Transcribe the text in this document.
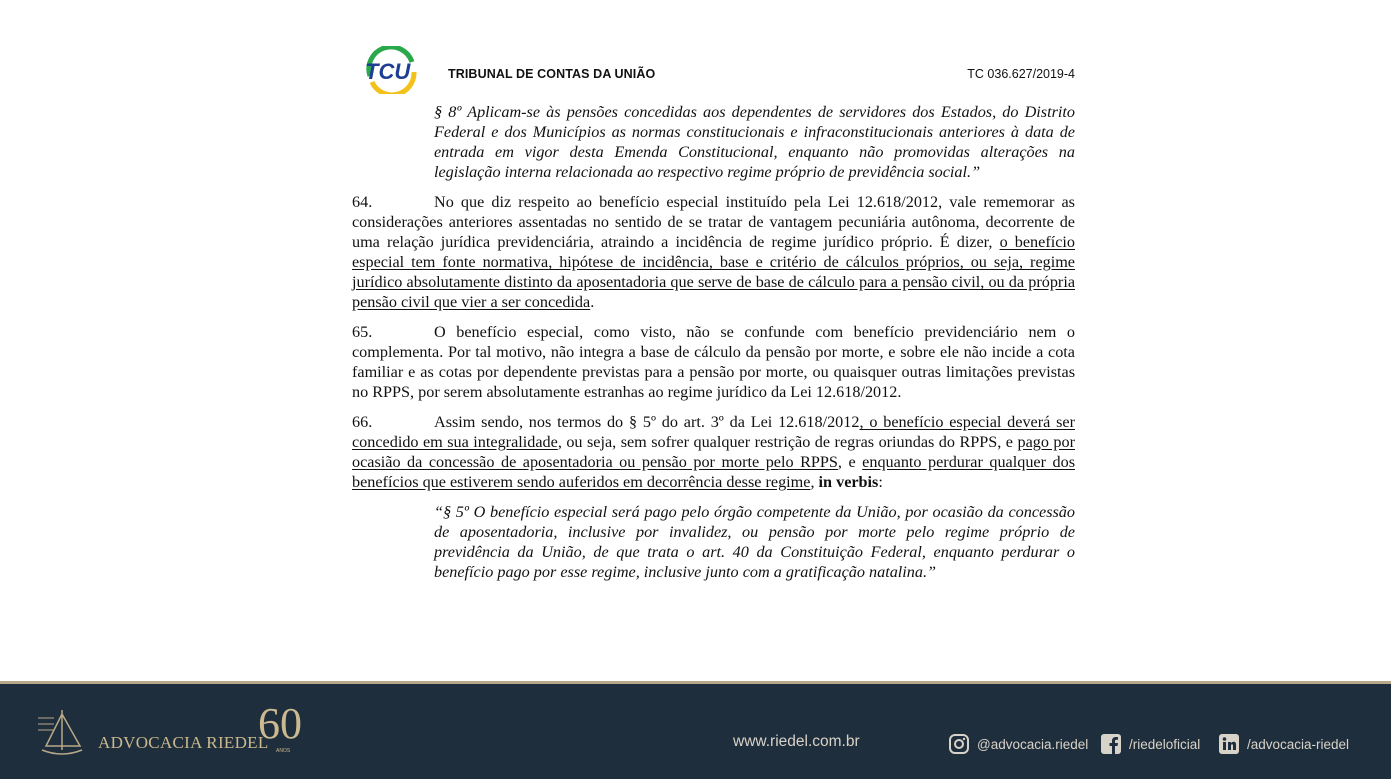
TCU	TRIBUNAL DE CONTAS DA UNIÃO	TC 036.627/2019-4

§ 8º Aplicam-se às pensões concedidas aos dependentes de servidores dos Estados, do Distrito Federal e dos Municípios as normas constitucionais e infraconstitucionais anteriores à data de entrada em vigor desta Emenda Constitucional, enquanto não promovidas alterações na legislação interna relacionada ao respectivo regime próprio de previdência social.”

64.	No que diz respeito ao benefício especial instituído pela Lei 12.618/2012, vale rememorar as considerações anteriores assentadas no sentido de se tratar de vantagem pecuniária autônoma, decorrente de uma relação jurídica previdenciária, atraindo a incidência de regime jurídico próprio. É dizer, o benefício especial tem fonte normativa, hipótese de incidência, base e critério de cálculos próprios, ou seja, regime jurídico absolutamente distinto da aposentadoria que serve de base de cálculo para a pensão civil, ou da própria pensão civil que vier a ser concedida.

65.	O benefício especial, como visto, não se confunde com benefício previdenciário nem o complementa. Por tal motivo, não integra a base de cálculo da pensão por morte, e sobre ele não incide a cota familiar e as cotas por dependente previstas para a pensão por morte, ou quaisquer outras limitações previstas no RPPS, por serem absolutamente estranhas ao regime jurídico da Lei 12.618/2012.

66.	Assim sendo, nos termos do § 5º do art. 3º da Lei 12.618/2012, o benefício especial deverá ser concedido em sua integralidade, ou seja, sem sofrer qualquer restrição de regras oriundas do RPPS, e pago por ocasião da concessão de aposentadoria ou pensão por morte pelo RPPS, e enquanto perdurar qualquer dos benefícios que estiverem sendo auferidos em decorrência desse regime, in verbis:

“§ 5º O benefício especial será pago pelo órgão competente da União, por ocasião da concessão de aposentadoria, inclusive por invalidez, ou pensão por morte pelo regime próprio de previdência da União, de que trata o art. 40 da Constituição Federal, enquanto perdurar o benefício pago por esse regime, inclusive junto com a gratificação natalina.”

ADVOCACIA RIEDEL
60
ANOS
www.riedel.com.br	@advocacia.riedel	/riedeloficial	/advocacia-riedel
